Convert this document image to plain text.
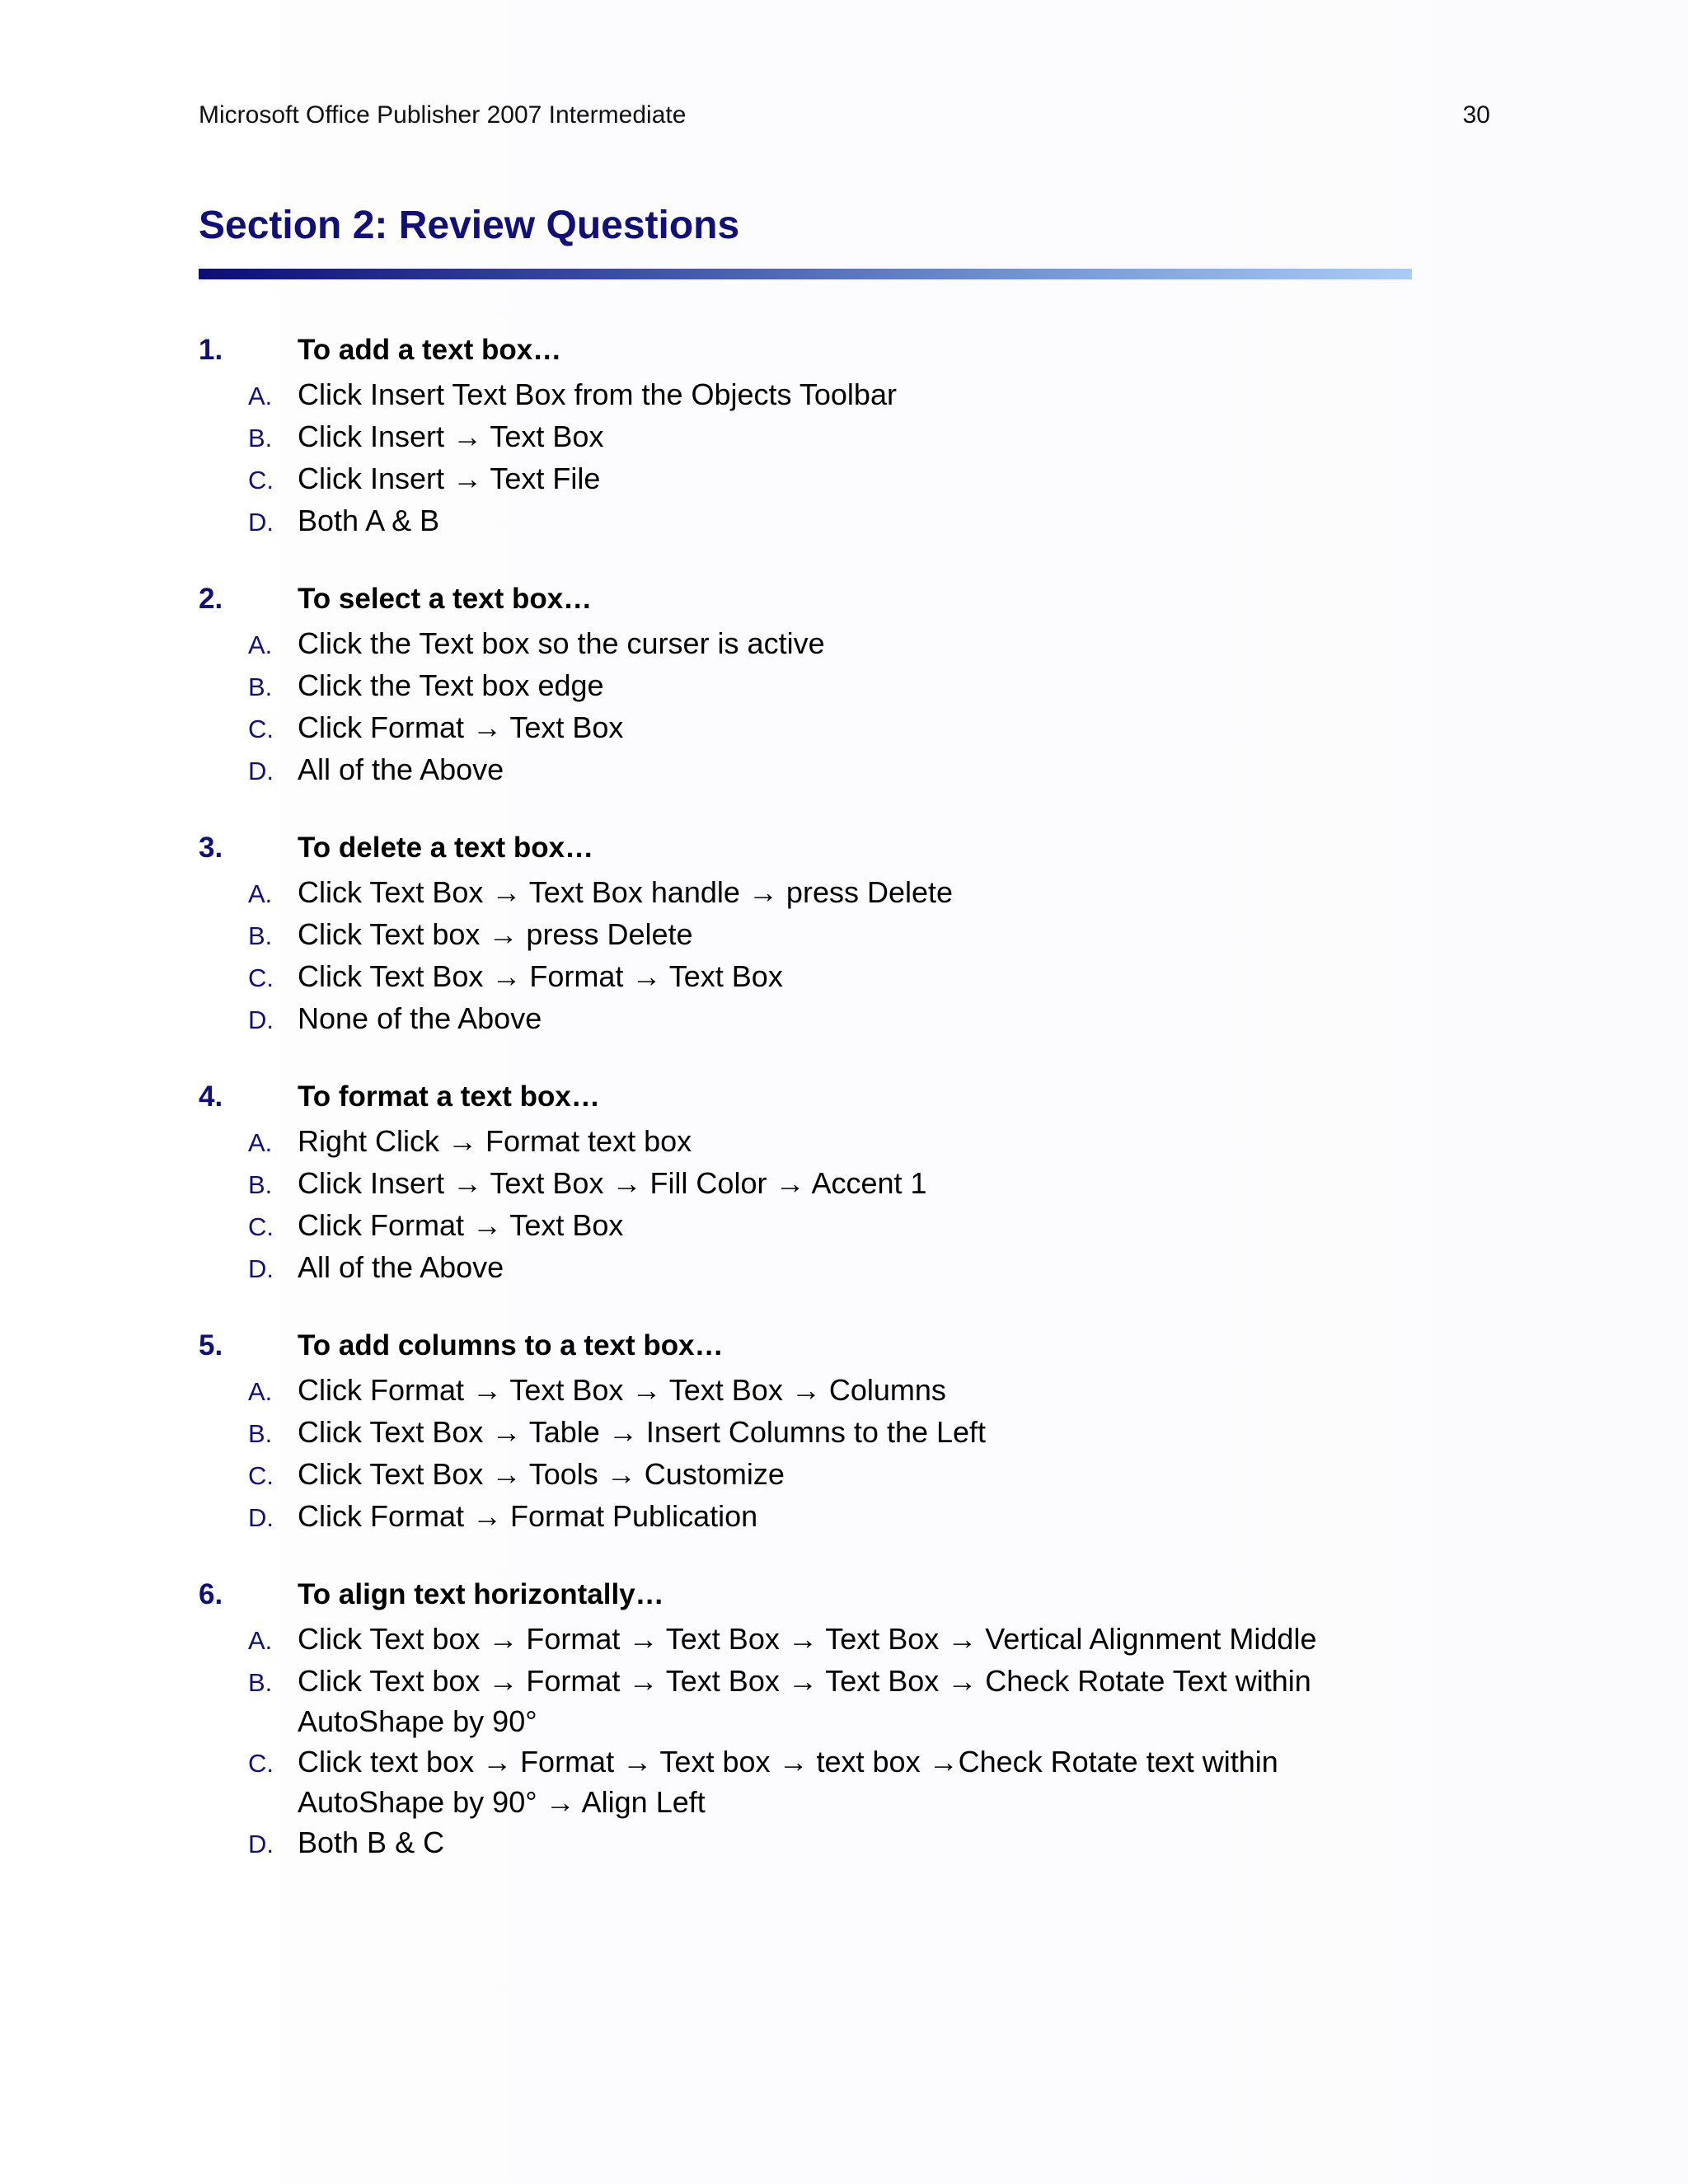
Microsoft Office Publisher 2007 Intermediate	30
Section 2: Review Questions
1.	To add a text box…
A. Click Insert Text Box from the Objects Toolbar
B. Click Insert → Text Box
C. Click Insert → Text File
D. Both A & B
2.	To select a text box…
A. Click the Text box so the curser is active
B. Click the Text box edge
C. Click Format → Text Box
D. All of the Above
3.	To delete a text box…
A. Click Text Box → Text Box handle → press Delete
B. Click Text box → press Delete
C. Click Text Box → Format → Text Box
D. None of the Above
4.	To format a text box…
A. Right Click → Format text box
B. Click Insert → Text Box → Fill Color → Accent 1
C. Click Format → Text Box
D. All of the Above
5.	To add columns to a text box…
A. Click Format → Text Box → Text Box → Columns
B. Click Text Box → Table → Insert Columns to the Left
C. Click Text Box → Tools → Customize
D. Click Format → Format Publication
6.	To align text horizontally…
A. Click Text box → Format → Text Box → Text Box → Vertical Alignment Middle
B. Click Text box → Format → Text Box → Text Box → Check Rotate Text within AutoShape by 90°
C. Click text box → Format → Text box → text box →Check Rotate text within AutoShape by 90° → Align Left
D. Both B & C
